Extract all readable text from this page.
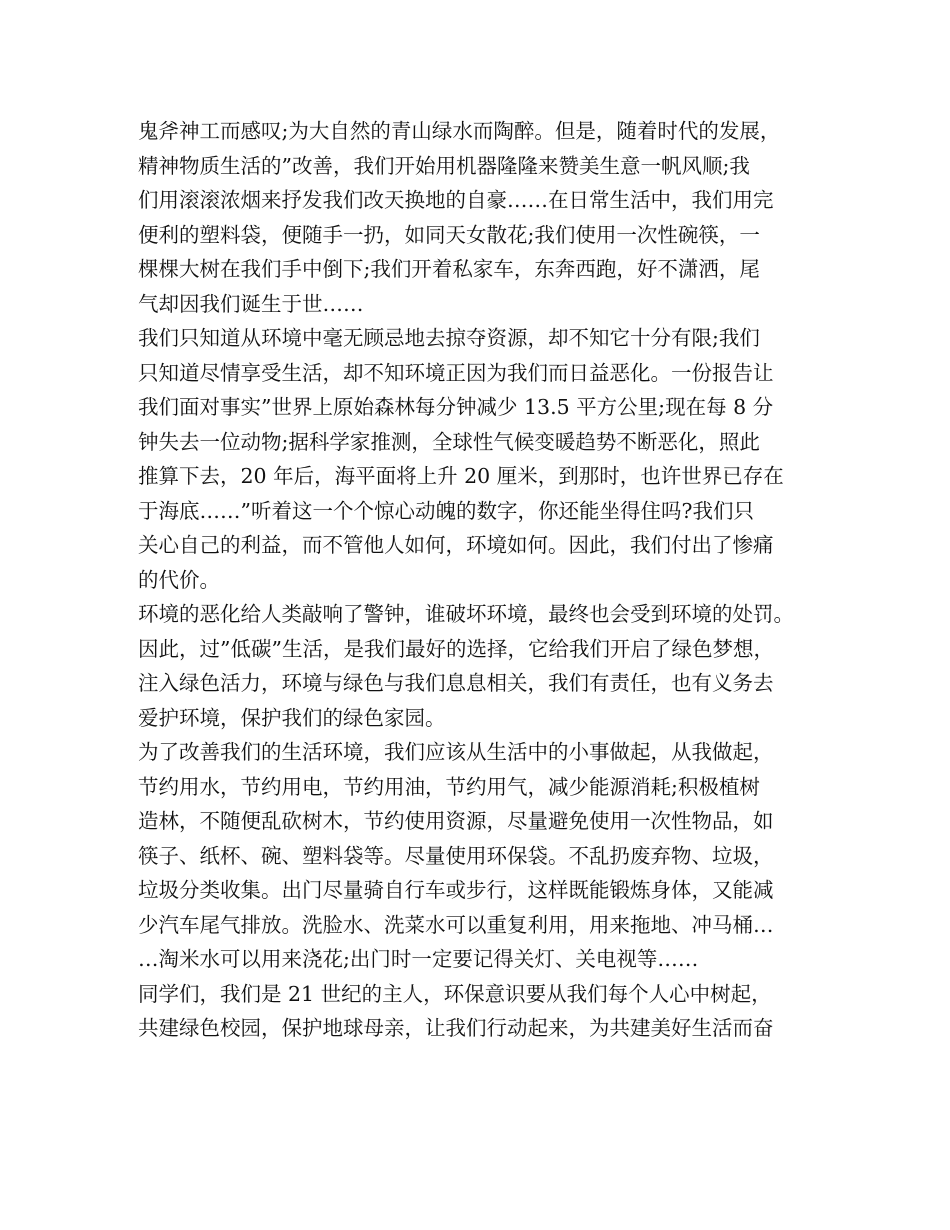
鬼斧神工而感叹;为大自然的青山绿水而陶醉。但是，随着时代的发展，
精神物质生活的”改善，我们开始用机器隆隆来赞美生意一帆风顺;我
们用滚滚浓烟来抒发我们改天换地的自豪……在日常生活中，我们用完
便利的塑料袋，便随手一扔，如同天女散花;我们使用一次性碗筷，一
棵棵大树在我们手中倒下;我们开着私家车，东奔西跑，好不潇洒，尾
气却因我们诞生于世……
我们只知道从环境中毫无顾忌地去掠夺资源，却不知它十分有限;我们
只知道尽情享受生活，却不知环境正因为我们而日益恶化。一份报告让
我们面对事实”世界上原始森林每分钟减少 13.5 平方公里;现在每 8 分
钟失去一位动物;据科学家推测，全球性气候变暖趋势不断恶化，照此
推算下去，20 年后，海平面将上升 20 厘米，到那时，也许世界已存在
于海底……”听着这一个个惊心动魄的数字，你还能坐得住吗?我们只
关心自己的利益，而不管他人如何，环境如何。因此，我们付出了惨痛
的代价。
环境的恶化给人类敲响了警钟，谁破坏环境，最终也会受到环境的处罚。
因此，过”低碳”生活，是我们最好的选择，它给我们开启了绿色梦想，
注入绿色活力，环境与绿色与我们息息相关，我们有责任，也有义务去
爱护环境，保护我们的绿色家园。
为了改善我们的生活环境，我们应该从生活中的小事做起，从我做起，
节约用水，节约用电，节约用油，节约用气，减少能源消耗;积极植树
造林，不随便乱砍树木，节约使用资源，尽量避免使用一次性物品，如
筷子、纸杯、碗、塑料袋等。尽量使用环保袋。不乱扔废弃物、垃圾，
垃圾分类收集。出门尽量骑自行车或步行，这样既能锻炼身体，又能减
少汽车尾气排放。洗脸水、洗菜水可以重复利用，用来拖地、冲马桶…
…淘米水可以用来浇花;出门时一定要记得关灯、关电视等……
同学们，我们是 21 世纪的主人，环保意识要从我们每个人心中树起，
共建绿色校园，保护地球母亲，让我们行动起来，为共建美好生活而奋
